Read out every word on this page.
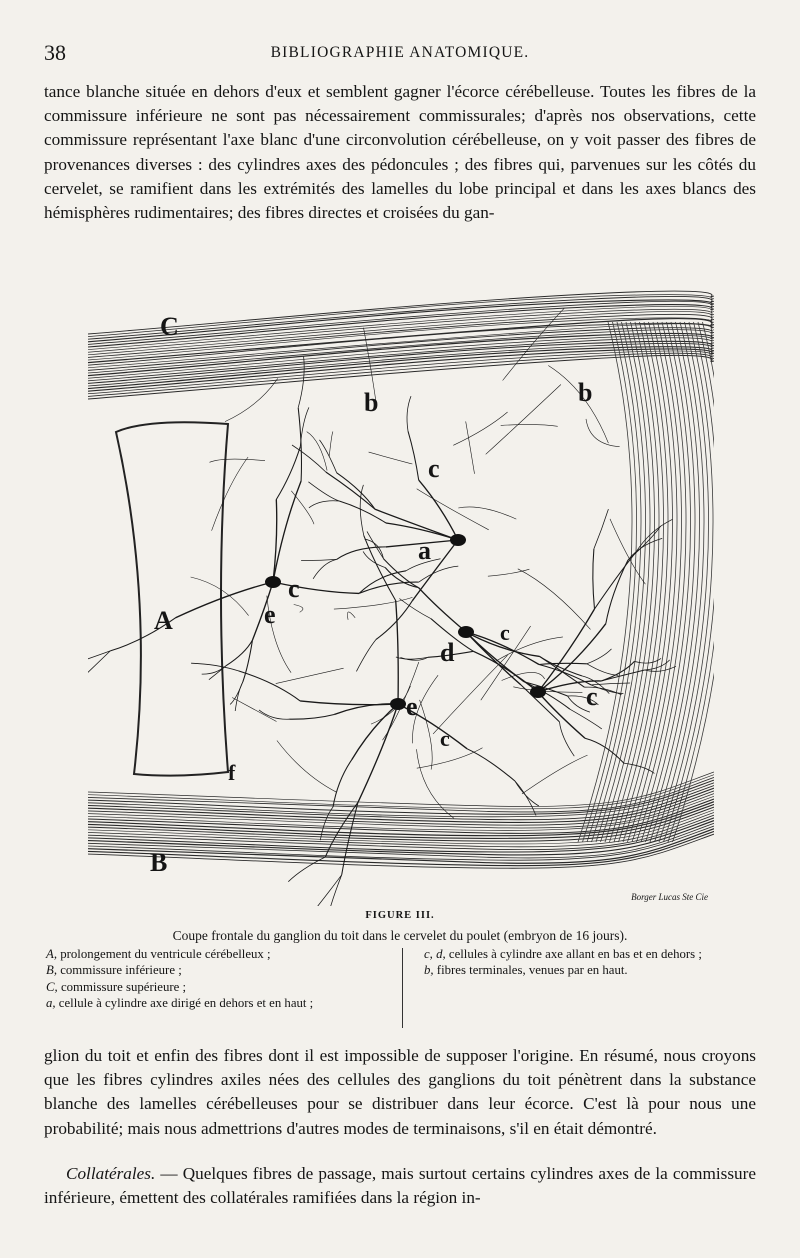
38	BIBLIOGRAPHIE ANATOMIQUE.

tance blanche située en dehors d'eux et semblent gagner l'écorce cérébelleuse. Toutes les fibres de la commissure inférieure ne sont pas nécessairement commissurales; d'après nos observations, cette commissure représentant l'axe blanc d'une circonvolution cérébelleuse, on y voit passer des fibres de provenances diverses : des cylindres axes des pédoncules ; des fibres qui, parvenues sur les côtés du cervelet, se ramifient dans les extrémités des lamelles du lobe principal et dans les axes blancs des hémisphères rudimentaires; des fibres directes et croisées du gan-

C
A
B
f
b	b
c
c
e
a
d
c
c
e
c
Borger Lucas Ste Cie
FIGURE III.
Coupe frontale du ganglion du toit dans le cervelet du poulet (embryon de 16 jours).

A, prolongement du ventricule cérébelleux ;

B, commissure inférieure ;

C, commissure supérieure ;

a, cellule à cylindre axe dirigé en dehors et en haut ;

c, d, cellules à cylindre axe allant en bas et en dehors ;

b, fibres terminales, venues par en haut.

glion du toit et enfin des fibres dont il est impossible de supposer l'origine. En résumé, nous croyons que les fibres cylindres axiles nées des cellules des ganglions du toit pénètrent dans la substance blanche des lamelles cérébelleuses pour se distribuer dans leur écorce. C'est là pour nous une probabilité; mais nous admettrions d'autres modes de terminaisons, s'il en était démontré.

Collatérales. — Quelques fibres de passage, mais surtout certains cylindres axes de la commissure inférieure, émettent des collatérales ramifiées dans la région in-
